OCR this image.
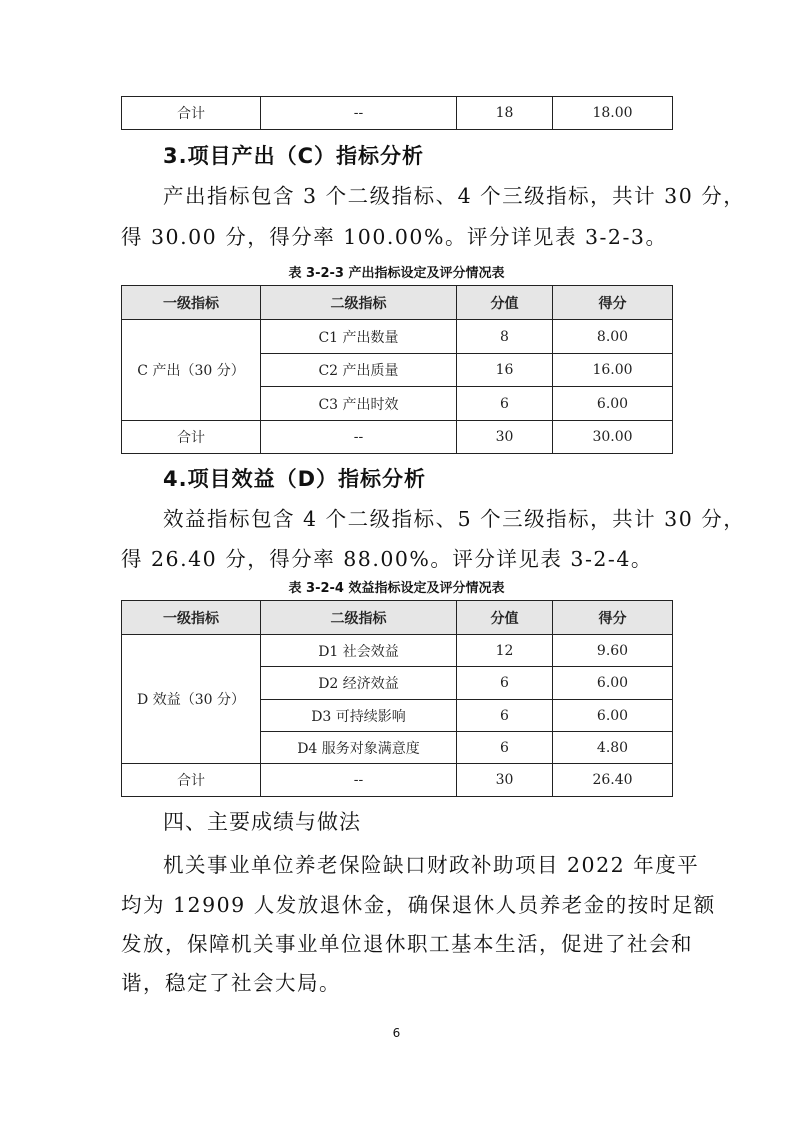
合计	--	18	18.00
3.项目产出（C）指标分析

产出指标包含 3 个二级指标、4 个三级指标，共计 30 分，

得 30.00 分，得分率 100.00%。评分详见表 3-2-3。

表 3-2-3 产出指标设定及评分情况表

一级指标	二级指标	分值	得分
C 产出（30 分）	C1 产出数量	8	8.00
	C2 产出质量	16	16.00
	C3 产出时效	6	6.00
合计	--	30	30.00
4.项目效益（D）指标分析

效益指标包含 4 个二级指标、5 个三级指标，共计 30 分，

得 26.40 分，得分率 88.00%。评分详见表 3-2-4。

表 3-2-4 效益指标设定及评分情况表

一级指标	二级指标	分值	得分
D 效益（30 分）	D1 社会效益	12	9.60
	D2 经济效益	6	6.00
	D3 可持续影响	6	6.00
	D4 服务对象满意度	6	4.80
合计	--	30	26.40
四、主要成绩与做法

机关事业单位养老保险缺口财政补助项目 2022 年度平

均为 12909 人发放退休金，确保退休人员养老金的按时足额

发放，保障机关事业单位退休职工基本生活，促进了社会和

谐，稳定了社会大局。

6
